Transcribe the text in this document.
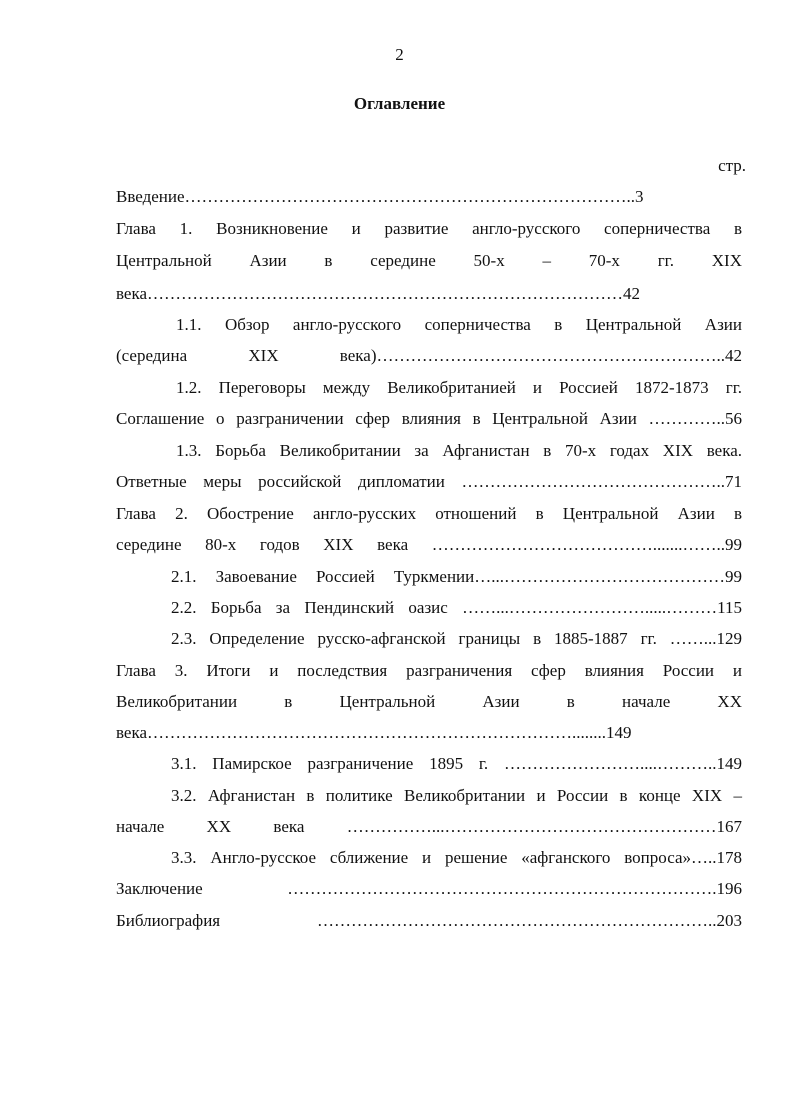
2
Оглавление
стр.
Введение……………………………………………………………………..3
Глава 1. Возникновение и развитие англо-русского соперничества в
Центральной Азии в середине 50-х – 70-х гг. XIX
века…………………………………………………………………………42
1.1. Обзор англо-русского соперничества в Центральной Азии
(середина XIX века)……………………………………………………..42
1.2. Переговоры между Великобританией и Россией 1872-1873 гг.
Соглашение о разграничении сфер влияния в Центральной Азии …………..56
1.3. Борьба Великобритании за Афганистан в 70-х годах XIX века.
Ответные меры российской дипломатии ………………………………………..71
Глава 2. Обострение англо-русских отношений в Центральной Азии в
середине 80-х годов XIX века ………………………………….......……..99
2.1. Завоевание Россией Туркмении…...…………………………………99
2.2. Борьба за Пендинский оазис ……...…………………….....………115
2.3. Определение русско-афганской границы в 1885-1887 гг. ……...129
Глава 3. Итоги и последствия разграничения сфер влияния России и
Великобритании в Центральной Азии в начале XX
века…………………………………………………………………........149
3.1. Памирское разграничение 1895 г. ……………………....………..149
3.2. Афганистан в политике Великобритании и России в конце XIX –
начале XX века ……………...…………………………………………167
3.3. Англо-русское сближение и решение «афганского вопроса»…..178
Заключение ………………………………………………………………….196
Библиография ……………………………………………………………..203
